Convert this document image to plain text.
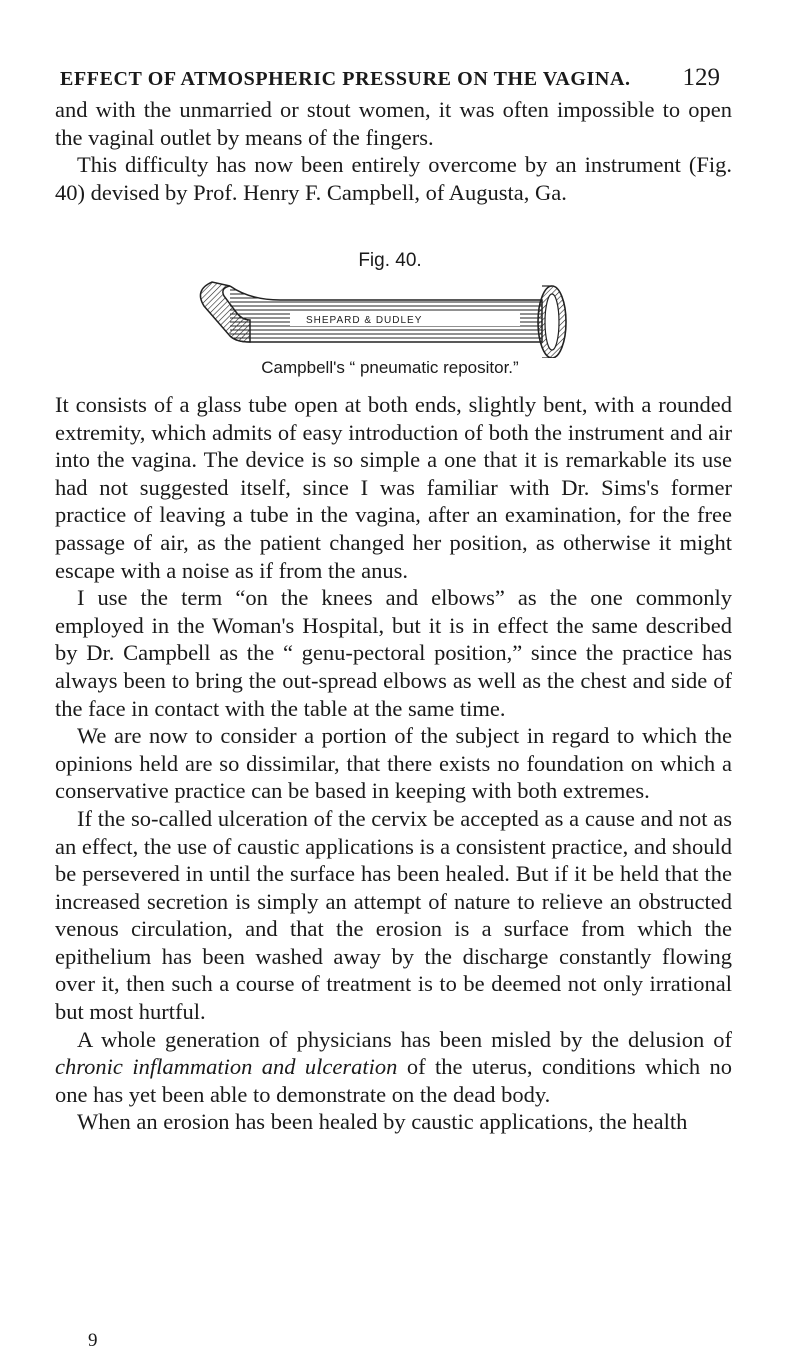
EFFECT OF ATMOSPHERIC PRESSURE ON THE VAGINA. 129

and with the unmarried or stout women, it was often impossible to open the vaginal outlet by means of the fingers.

This difficulty has now been entirely overcome by an instrument (Fig. 40) devised by Prof. Henry F. Campbell, of Augusta, Ga.

Fig. 40.
SHEPARD & DUDLEY
Campbell's “ pneumatic repositor.”

It consists of a glass tube open at both ends, slightly bent, with a rounded extremity, which admits of easy introduction of both the instrument and air into the vagina. The device is so simple a one that it is remarkable its use had not suggested itself, since I was familiar with Dr. Sims's former practice of leaving a tube in the vagina, after an examination, for the free passage of air, as the patient changed her position, as otherwise it might escape with a noise as if from the anus.

I use the term “on the knees and elbows” as the one commonly employed in the Woman's Hospital, but it is in effect the same described by Dr. Campbell as the “ genu-pectoral position,” since the practice has always been to bring the out-spread elbows as well as the chest and side of the face in contact with the table at the same time.

We are now to consider a portion of the subject in regard to which the opinions held are so dissimilar, that there exists no foundation on which a conservative practice can be based in keeping with both extremes.

If the so-called ulceration of the cervix be accepted as a cause and not as an effect, the use of caustic applications is a consistent practice, and should be persevered in until the surface has been healed. But if it be held that the increased secretion is simply an attempt of nature to relieve an obstructed venous circulation, and that the erosion is a surface from which the epithelium has been washed away by the discharge constantly flowing over it, then such a course of treatment is to be deemed not only irrational but most hurtful.

A whole generation of physicians has been misled by the delusion of chronic inflammation and ulceration of the uterus, conditions which no one has yet been able to demonstrate on the dead body.

When an erosion has been healed by caustic applications, the health

9
